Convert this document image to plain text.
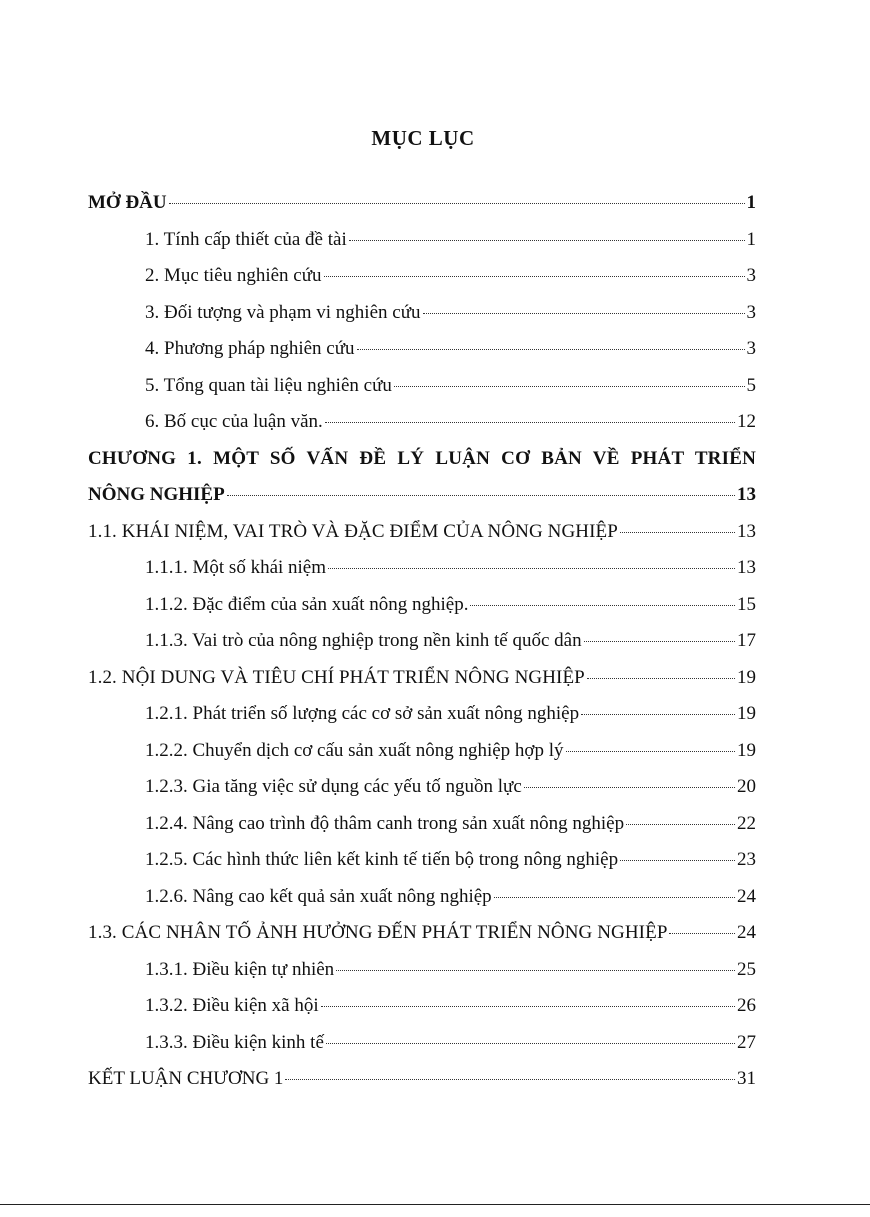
MỤC LỤC
MỞ ĐẦU	1
1. Tính cấp thiết của đề tài	1
2. Mục tiêu nghiên cứu	3
3. Đối tượng và phạm vi nghiên cứu	3
4. Phương pháp nghiên cứu	3
5. Tổng quan tài liệu nghiên cứu	5
6. Bố cục của luận văn.	12
CHƯƠNG 1. MỘT SỐ VẤN ĐỀ LÝ LUẬN CƠ BẢN VỀ PHÁT TRIỂN
NÔNG NGHIỆP	13
1.1. KHÁI NIỆM, VAI TRÒ VÀ ĐẶC ĐIỂM CỦA NÔNG NGHIỆP	13
1.1.1. Một số khái niệm	13
1.1.2. Đặc điểm của sản xuất nông nghiệp.	15
1.1.3. Vai trò của nông nghiệp trong nền kinh tế quốc dân	17
1.2. NỘI DUNG VÀ TIÊU CHÍ PHÁT TRIỂN NÔNG NGHIỆP	19
1.2.1. Phát triển số lượng các cơ sở sản xuất nông nghiệp	19
1.2.2. Chuyển dịch cơ cấu sản xuất nông nghiệp hợp lý	19
1.2.3. Gia tăng việc sử dụng các yếu tố nguồn lực	20
1.2.4. Nâng cao trình độ thâm canh trong sản xuất nông nghiệp	22
1.2.5. Các hình thức liên kết kinh tế tiến bộ trong nông nghiệp	23
1.2.6. Nâng cao kết quả sản xuất nông nghiệp	24
1.3. CÁC NHÂN TỐ ẢNH HƯỞNG ĐẾN PHÁT TRIỂN NÔNG NGHIỆP	24
1.3.1. Điều kiện tự nhiên	25
1.3.2. Điều kiện xã hội	26
1.3.3. Điều kiện kinh tế	27
KẾT LUẬN CHƯƠNG 1	31
